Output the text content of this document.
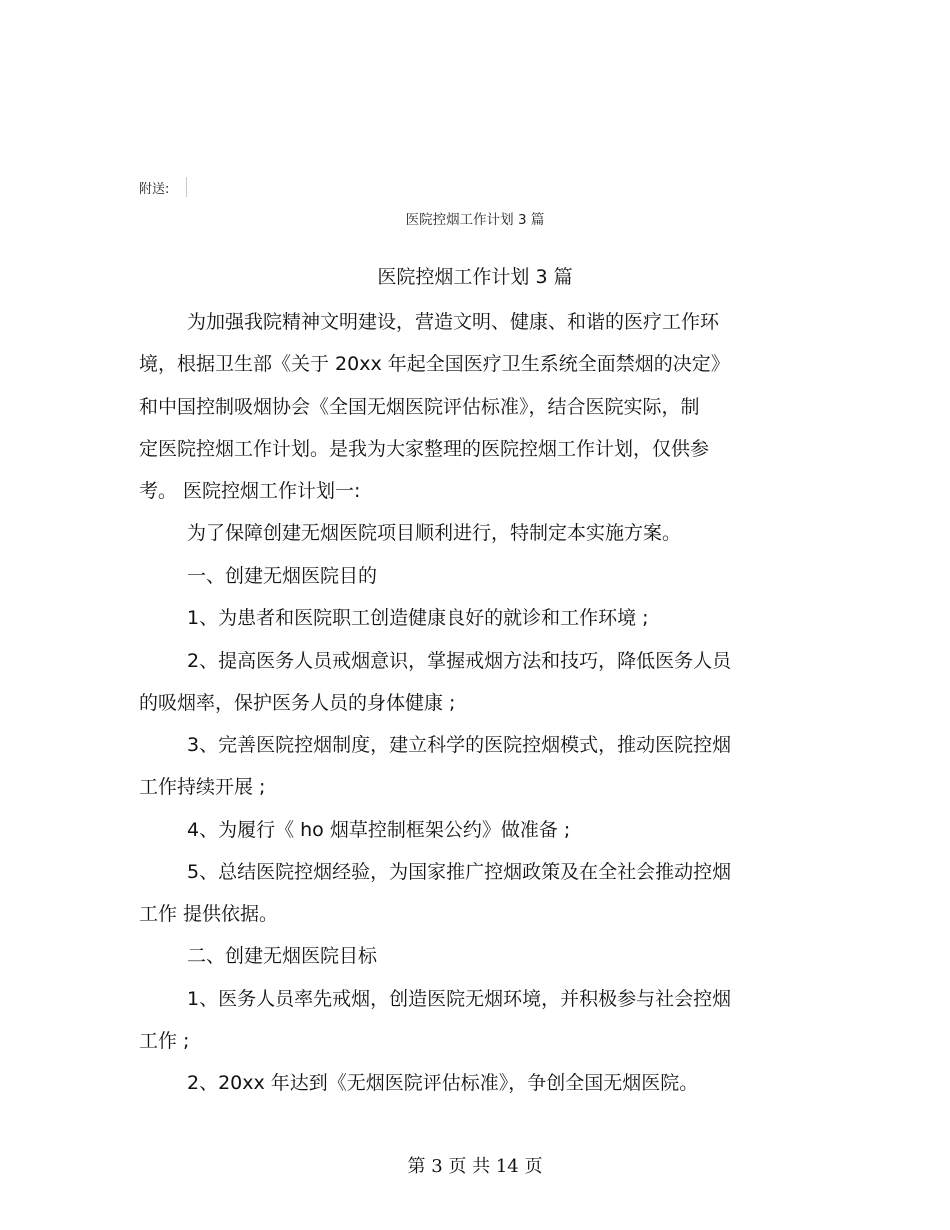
附送:
医院控烟工作计划 3 篇
医院控烟工作计划 3 篇
为加强我院精神文明建设，营造文明、健康、和谐的医疗工作环
境，根据卫生部《关于 20xx 年起全国医疗卫生系统全面禁烟的决定》
和中国控制吸烟协会《全国无烟医院评估标准》，结合医院实际，制
定医院控烟工作计划。是我为大家整理的医院控烟工作计划，仅供参
考。 医院控烟工作计划一:
为了保障创建无烟医院项目顺利进行，特制定本实施方案。
一、创建无烟医院目的
1、为患者和医院职工创造健康良好的就诊和工作环境 ;
2、提高医务人员戒烟意识，掌握戒烟方法和技巧，降低医务人员
的吸烟率，保护医务人员的身体健康 ;
3、完善医院控烟制度，建立科学的医院控烟模式，推动医院控烟
工作持续开展 ;
4、为履行《 ho 烟草控制框架公约》做准备 ;
5、总结医院控烟经验，为国家推广控烟政策及在全社会推动控烟
工作 提供依据。
二、创建无烟医院目标
1、医务人员率先戒烟，创造医院无烟环境，并积极参与社会控烟
工作 ;
2、20xx 年达到《无烟医院评估标准》，争创全国无烟医院。
第 3 页 共 14 页
